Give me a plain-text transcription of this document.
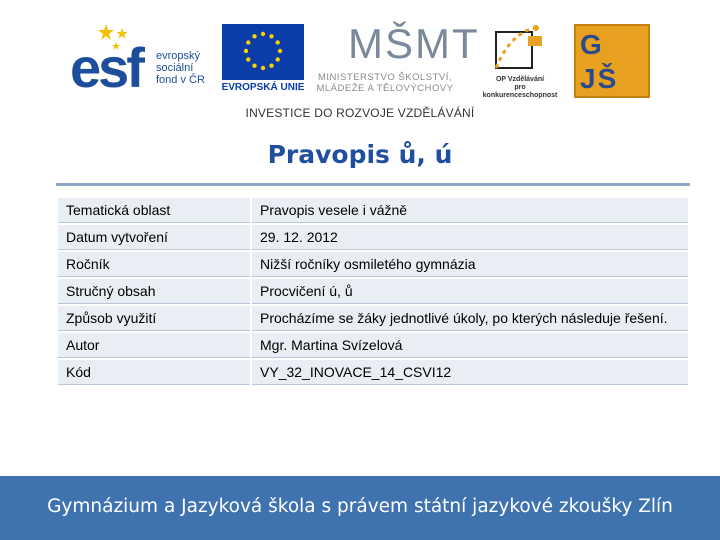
esf evropský
sociální
fond v ČR
EVROPSKÁ UNIE
MŠMT
MINISTERSTVO ŠKOLSTVÍ,
MLÁDEŽE A TĚLOVÝCHOVY
OP Vzdělávání
pro konkurenceschopnost
G
JŠ
INVESTICE DO ROZVOJE VZDĚLÁVÁNÍ
Pravopis ů, ú
Tematická oblast	Pravopis vesele i vážně
Datum vytvoření	29. 12. 2012
Ročník	Nižší ročníky osmiletého gymnázia
Stručný obsah	Procvičení ú, ů
Způsob využití	Procházíme se žáky jednotlivé úkoly, po kterých následuje řešení.
Autor	Mgr. Martina Svízelová
Kód	VY_32_INOVACE_14_CSVI12
Gymnázium a Jazyková škola s právem státní jazykové zkoušky Zlín
